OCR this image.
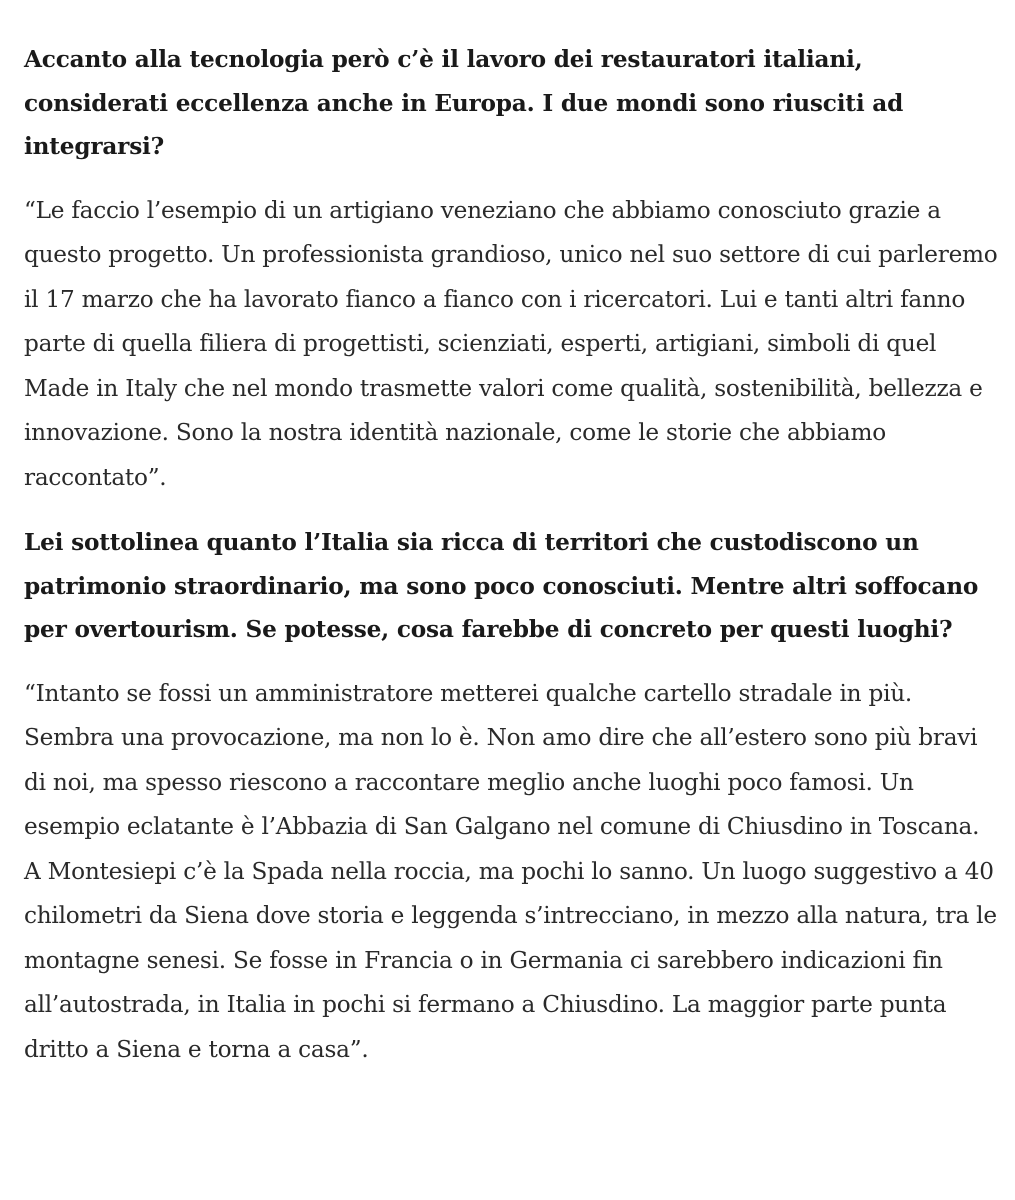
Accanto alla tecnologia però c’è il lavoro dei restauratori italiani, considerati eccellenza anche in Europa. I due mondi sono riusciti ad integrarsi?

“Le faccio l’esempio di un artigiano veneziano che abbiamo conosciuto grazie a questo progetto. Un professionista grandioso, unico nel suo settore di cui parleremo il 17 marzo che ha lavorato fianco a fianco con i ricercatori. Lui e tanti altri fanno parte di quella filiera di progettisti, scienziati, esperti, artigiani, simboli di quel Made in Italy che nel mondo trasmette valori come qualità, sostenibilità, bellezza e innovazione. Sono la nostra identità nazionale, come le storie che abbiamo raccontato”.

Lei sottolinea quanto l’Italia sia ricca di territori che custodiscono un patrimonio straordinario, ma sono poco conosciuti. Mentre altri soffocano per overtourism. Se potesse, cosa farebbe di concreto per questi luoghi?

“Intanto se fossi un amministratore metterei qualche cartello stradale in più. Sembra una provocazione, ma non lo è. Non amo dire che all’estero sono più bravi di noi, ma spesso riescono a raccontare meglio anche luoghi poco famosi. Un esempio eclatante è l’Abbazia di San Galgano nel comune di Chiusdino in Toscana. A Montesiepi c’è la Spada nella roccia, ma pochi lo sanno. Un luogo suggestivo a 40 chilometri da Siena dove storia e leggenda s’intrecciano, in mezzo alla natura, tra le montagne senesi. Se fosse in Francia o in Germania ci sarebbero indicazioni fin all’autostrada, in Italia in pochi si fermano a Chiusdino. La maggior parte punta dritto a Siena e torna a casa”.
